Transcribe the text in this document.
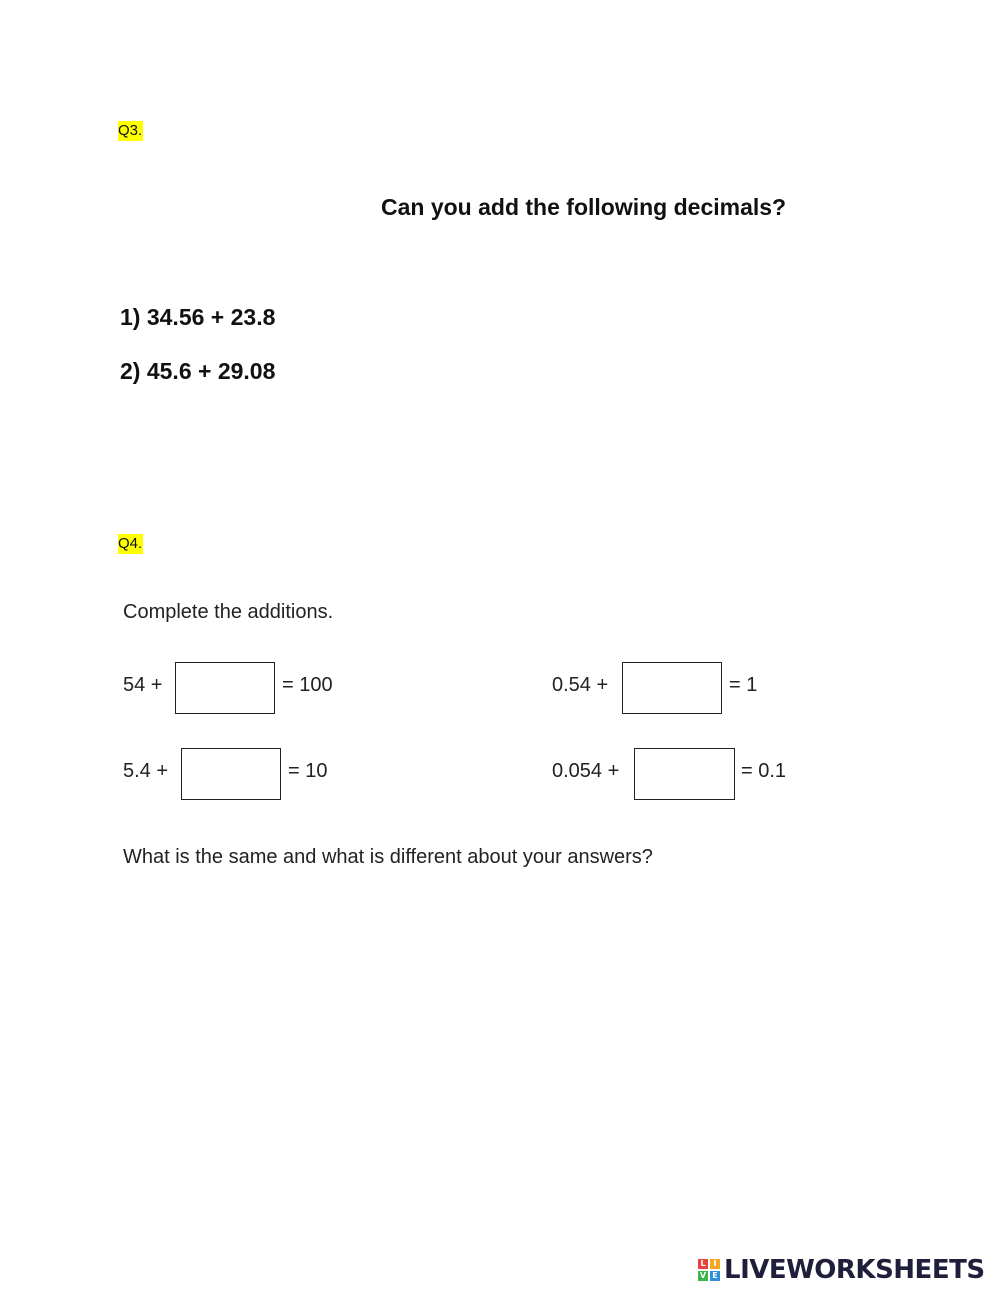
Q3.
Can you add the following decimals?
1) 34.56 + 23.8
2) 45.6 + 29.08
Q4.
Complete the additions.
54 +	= 100	0.54 +	= 1
5.4 +	= 10	0.054 +	= 0.1
What is the same and what is different about your answers?
L I
V E LIVEWORKSHEETS
